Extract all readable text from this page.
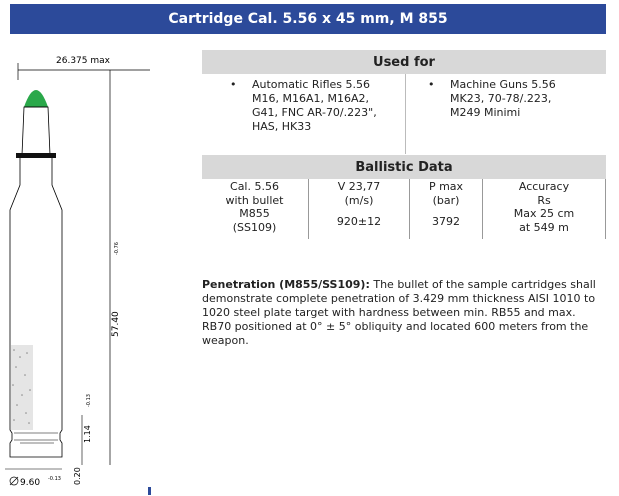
Cartridge Cal. 5.56 x 45 mm, M 855
26.375 max
57.40
-0.76
1.14
-0.13
0.20
9.60 -0.13
Used for
• Automatic Rifles 5.56
M16, M16A1, M16A2,
G41, FNC AR-70/.223",
HAS, HK33
• Machine Guns 5.56
MK23, 70-78/.223,
M249 Minimi
Ballistic Data
Cal. 5.56
with bullet
M855
(SS109)
V 23,77
(m/s)
920±12
P max
(bar)
3792
Accuracy
Rs
Max 25 cm
at 549 m
Penetration (M855/SS109): The bullet of the sample cartridges shall demonstrate complete penetration of 3.429 mm thickness AISI 1010 to 1020 steel plate target with hardness between min. RB55 and max. RB70 positioned at 0° ± 5° obliquity and located 600 meters from the weapon.
